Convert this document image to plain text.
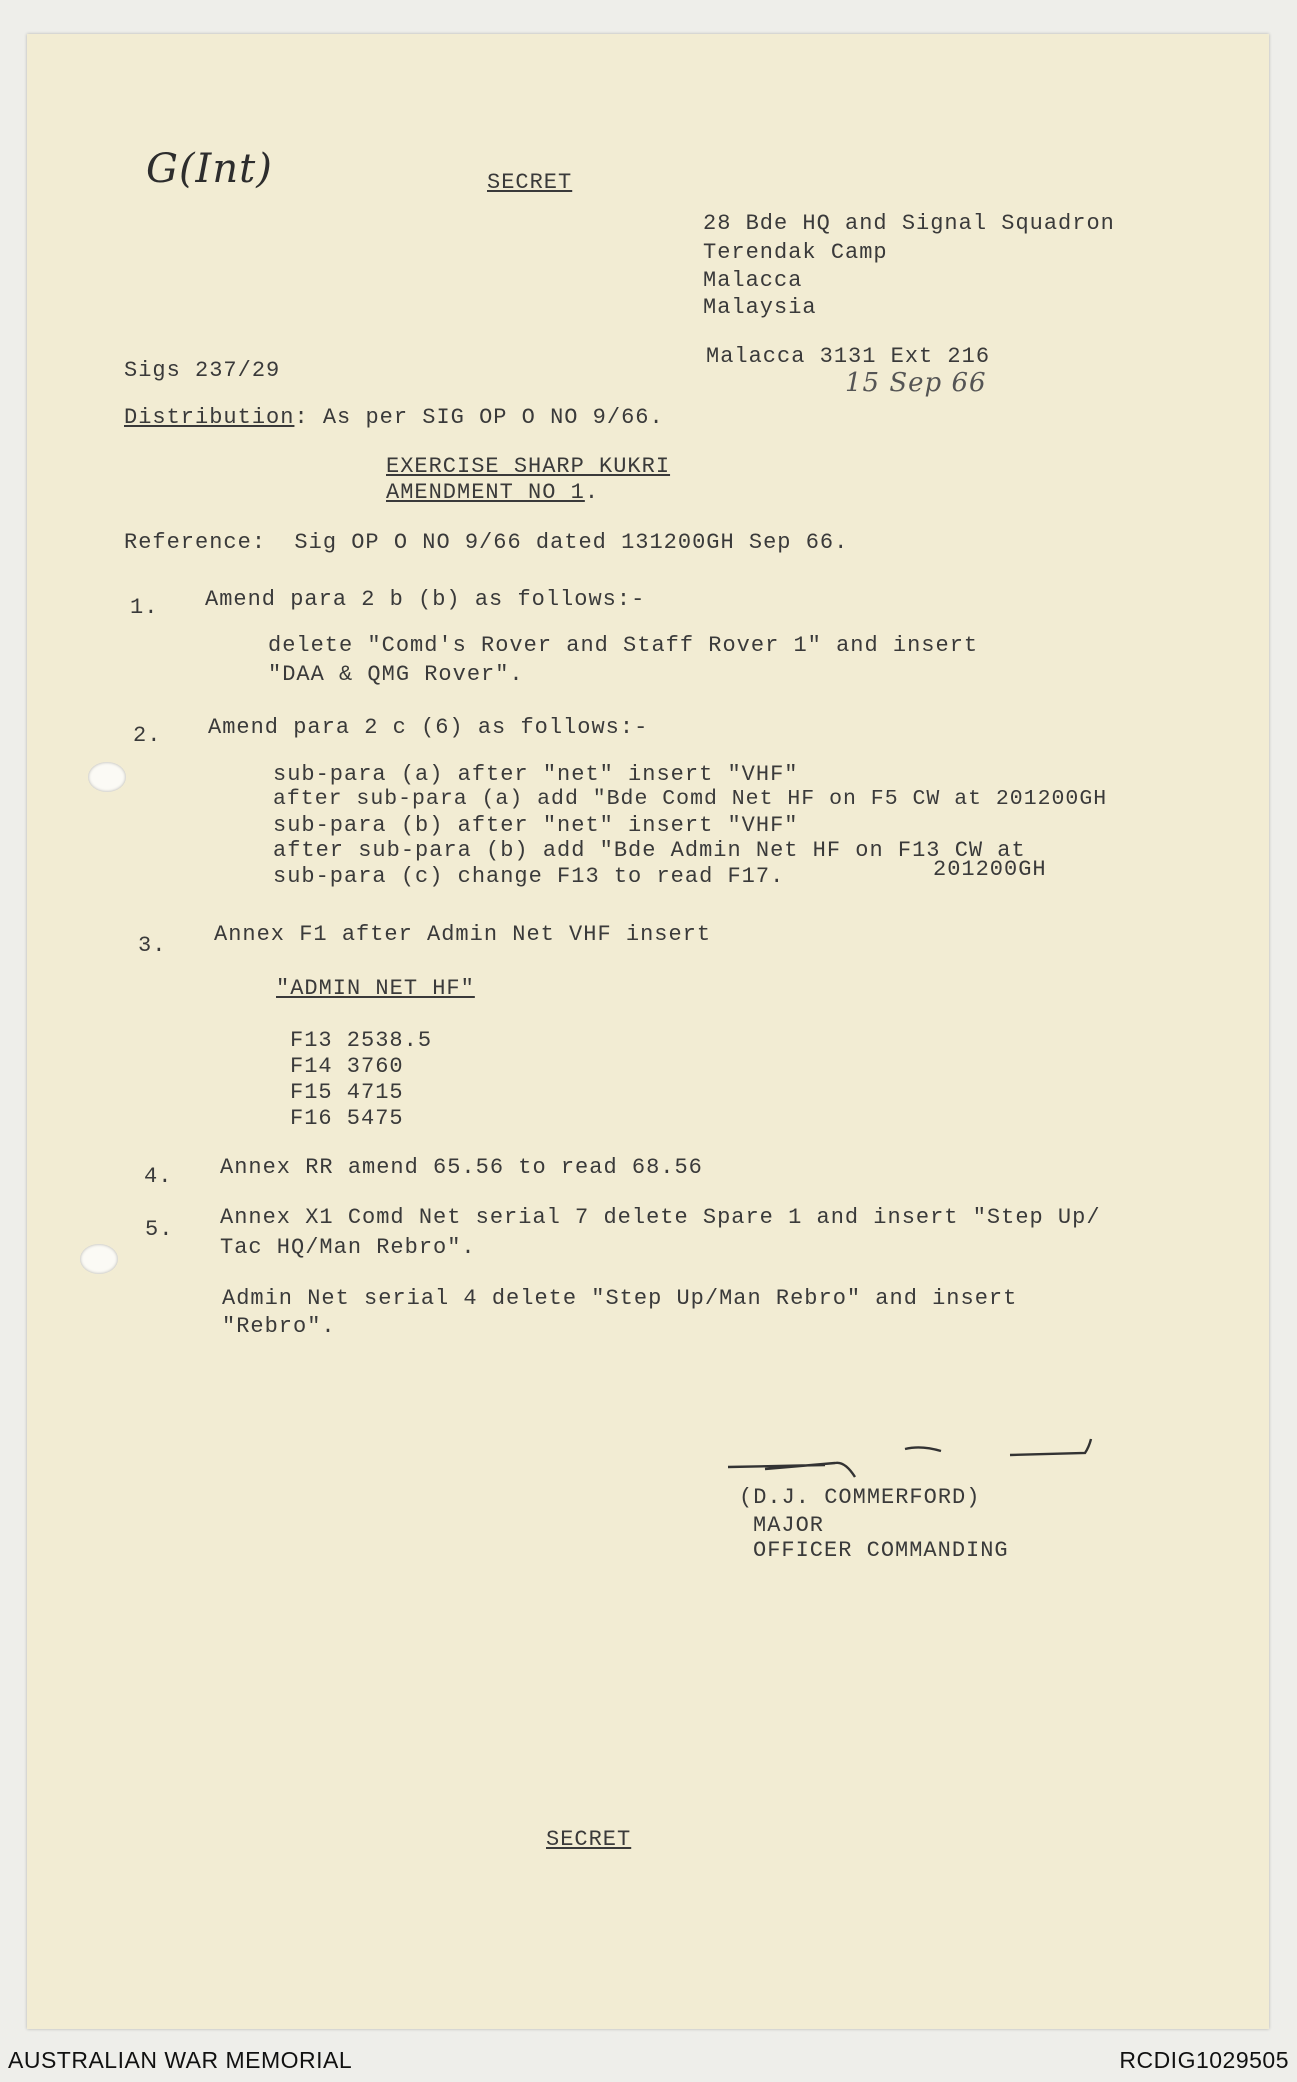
G(Int)
15 Sep 66
SECRET
28 Bde HQ and Signal Squadron
Terendak Camp
Malacca
Malaysia
Malacca 3131 Ext 216
Sigs 237/29
Distribution: As per SIG OP O NO 9/66.
EXERCISE SHARP KUKRI
AMENDMENT NO 1.
Reference:  Sig OP O NO 9/66 dated 131200GH Sep 66.
1. Amend para 2 b (b) as follows:-
delete "Comd's Rover and Staff Rover 1" and insert
"DAA & QMG Rover".
2. Amend para 2 c (6) as follows:-
sub-para (a) after "net" insert "VHF"
after sub-para (a) add "Bde Comd Net HF on F5 CW at 201200GH
sub-para (b) after "net" insert "VHF"
after sub-para (b) add "Bde Admin Net HF on F13 CW at
sub-para (c) change F13 to read F17.	201200GH
3. Annex F1 after Admin Net VHF insert
"ADMIN NET HF"
F13 2538.5
F14 3760
F15 4715
F16 5475
4. Annex RR amend 65.56 to read 68.56
5. Annex X1 Comd Net serial 7 delete Spare 1 and insert "Step Up/
Tac HQ/Man Rebro".
Admin Net serial 4 delete "Step Up/Man Rebro" and insert
"Rebro".
(D.J. COMMERFORD)
MAJOR
OFFICER COMMANDING
SECRET
AUSTRALIAN WAR MEMORIAL	RCDIG1029505
